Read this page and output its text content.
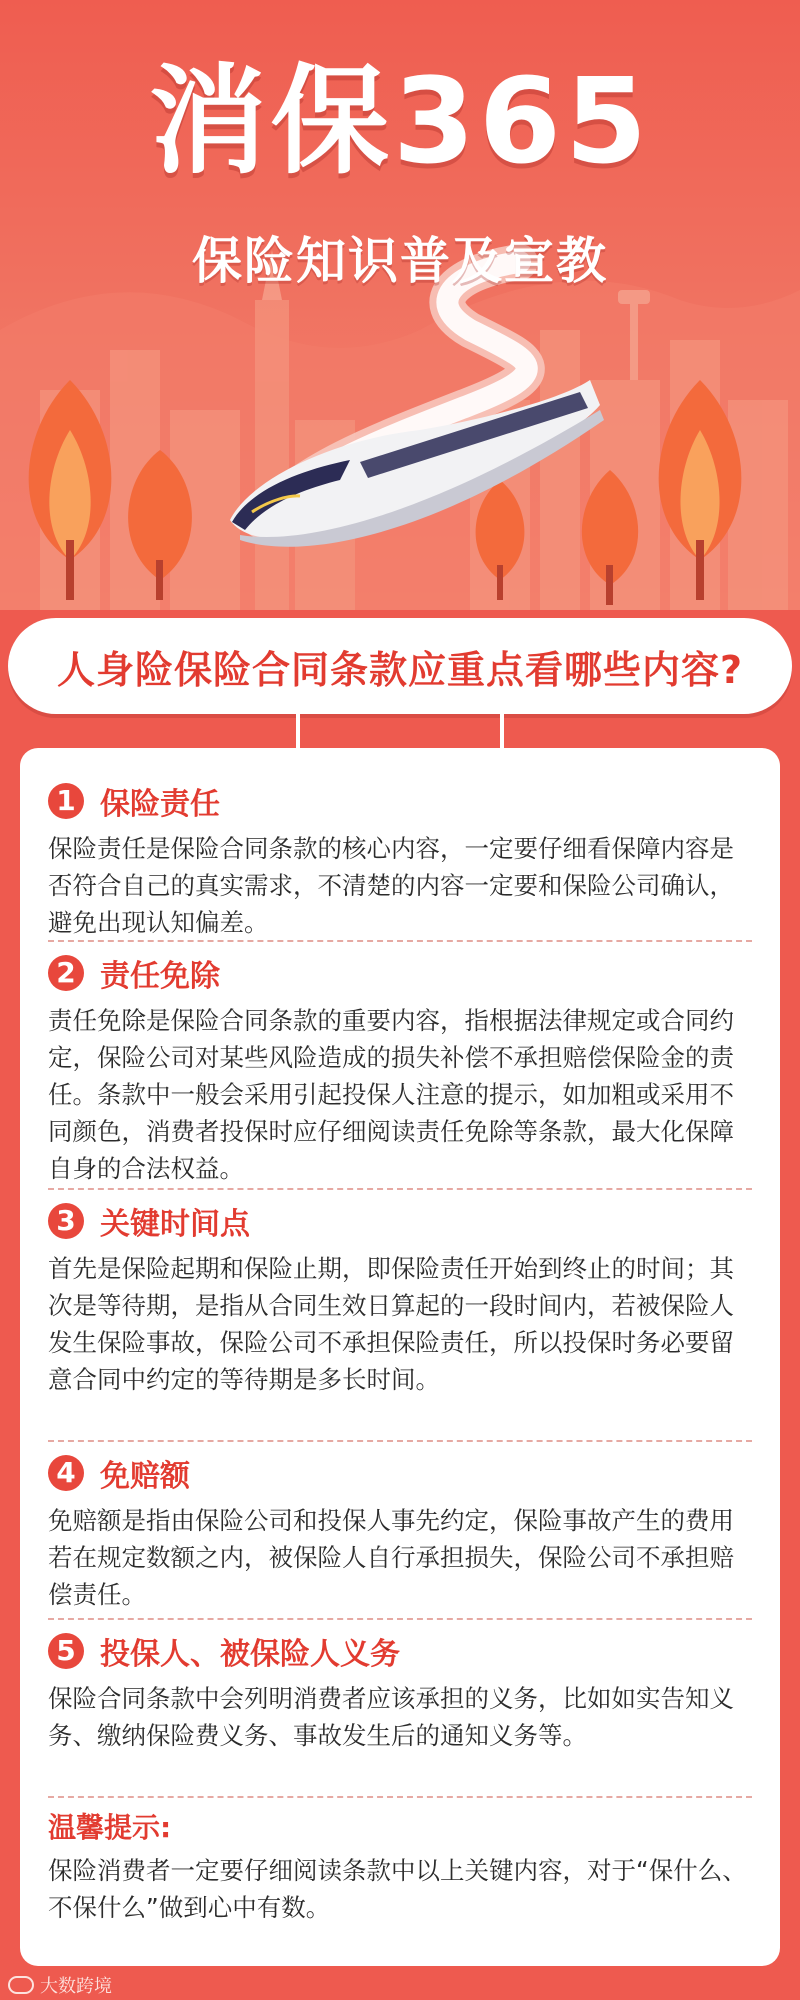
消保365
保险知识普及宣教
人身险保险合同条款应重点看哪些内容?
1 保险责任
保险责任是保险合同条款的核心内容，一定要仔细看保障内容是否符合自己的真实需求，不清楚的内容一定要和保险公司确认，避免出现认知偏差。
2 责任免除
责任免除是保险合同条款的重要内容，指根据法律规定或合同约定，保险公司对某些风险造成的损失补偿不承担赔偿保险金的责任。条款中一般会采用引起投保人注意的提示，如加粗或采用不同颜色，消费者投保时应仔细阅读责任免除等条款，最大化保障自身的合法权益。
3 关键时间点
首先是保险起期和保险止期，即保险责任开始到终止的时间；其次是等待期，是指从合同生效日算起的一段时间内，若被保险人发生保险事故，保险公司不承担保险责任，所以投保时务必要留意合同中约定的等待期是多长时间。
4 免赔额
免赔额是指由保险公司和投保人事先约定，保险事故产生的费用若在规定数额之内，被保险人自行承担损失，保险公司不承担赔偿责任。
5 投保人、被保险人义务
保险合同条款中会列明消费者应该承担的义务，比如如实告知义务、缴纳保险费义务、事故发生后的通知义务等。
温馨提示:
保险消费者一定要仔细阅读条款中以上关键内容，对于“保什么、不保什么”做到心中有数。
大数跨境
